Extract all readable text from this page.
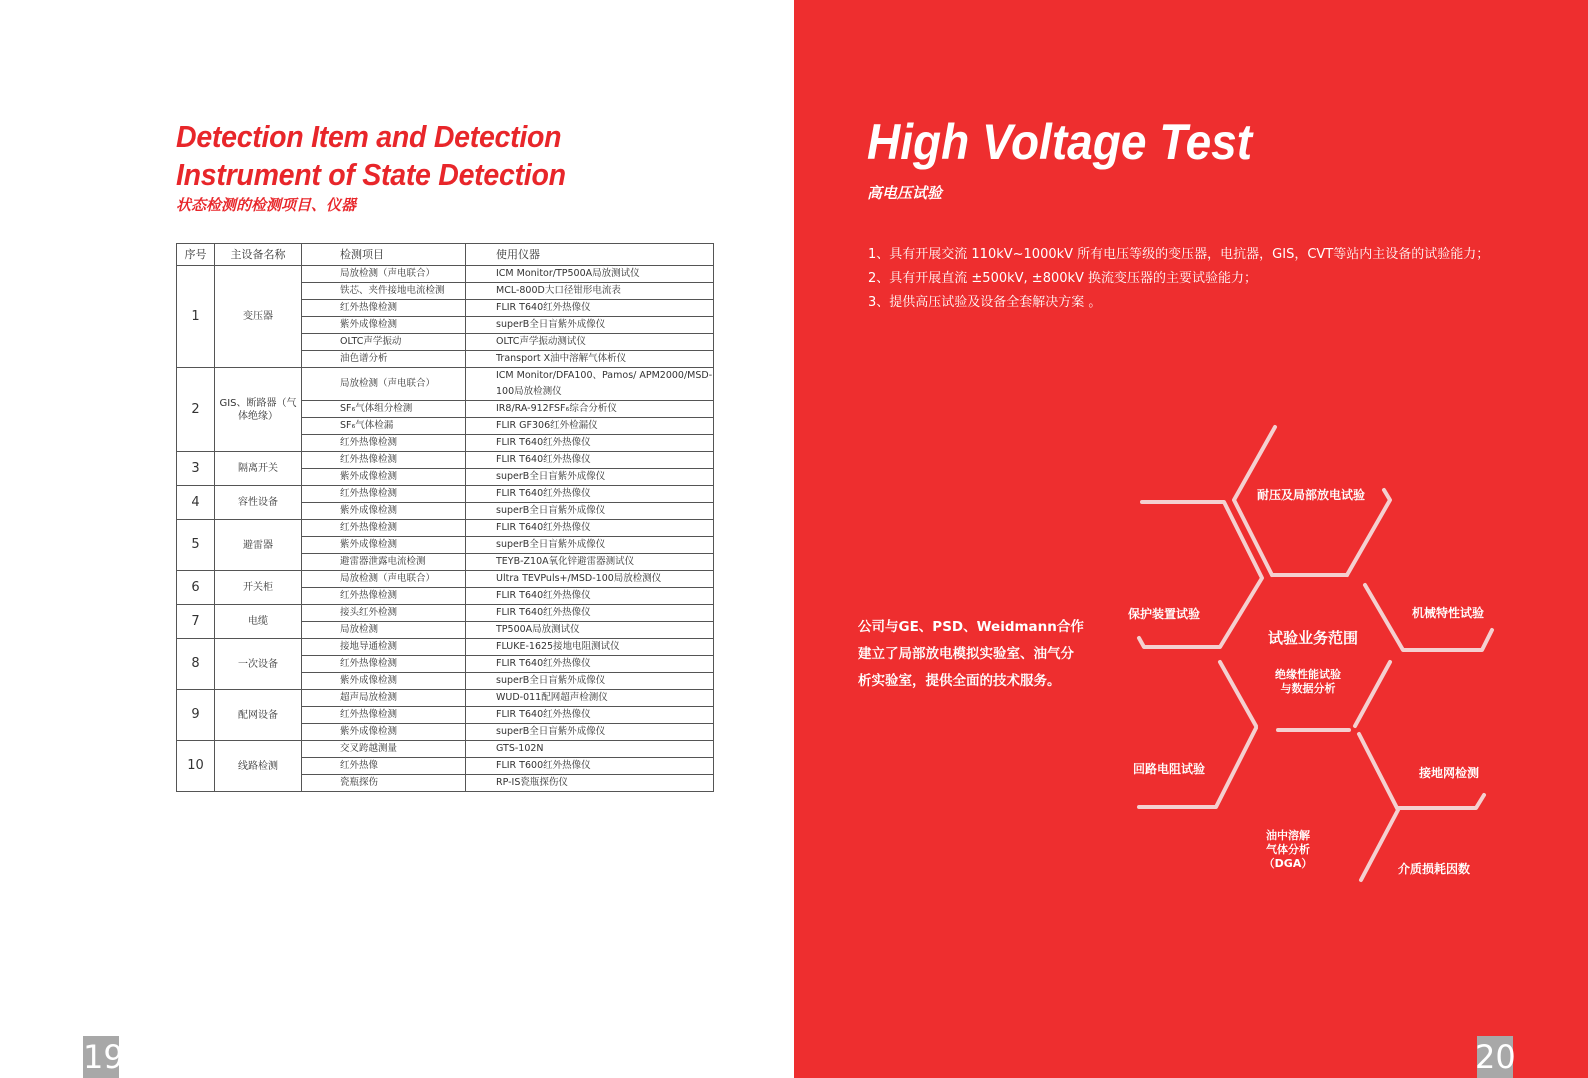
Detection Item and Detection
Instrument of State Detection
状态检测的检测项目、仪器
序号	主设备名称	检测项目	使用仪器
1	变压器	局放检测（声电联合）	ICM Monitor/TP500A局放测试仪
		铁芯、夹件接地电流检测	MCL-800D大口径钳形电流表
		红外热像检测	FLIR T640红外热像仪
		紫外成像检测	superB全日盲紫外成像仪
		OLTC声学振动	OLTC声学振动测试仪
		油色谱分析	Transport X油中溶解气体析仪
2	GIS、断路器（气体绝缘）	局放检测（声电联合）	ICM Monitor/DFA100、Pamos/ APM2000/MSD-100局放检测仪
		SF₆气体组分检测	IR8/RA-912FSF₆综合分析仪
		SF₆气体检漏	FLIR GF306红外检漏仪
		红外热像检测	FLIR T640红外热像仪
3	隔离开关	红外热像检测	FLIR T640红外热像仪
		紫外成像检测	superB全日盲紫外成像仪
4	容性设备	红外热像检测	FLIR T640红外热像仪
		紫外成像检测	superB全日盲紫外成像仪
5	避雷器	红外热像检测	FLIR T640红外热像仪
		紫外成像检测	superB全日盲紫外成像仪
		避雷器泄露电流检测	TEYB-Z10A氧化锌避雷器测试仪
6	开关柜	局放检测（声电联合）	Ultra TEVPuls+/MSD-100局放检测仪
		红外热像检测	FLIR T640红外热像仪
7	电缆	接头红外检测	FLIR T640红外热像仪
		局放检测	TP500A局放测试仪
8	一次设备	接地导通检测	FLUKE-1625接地电阻测试仪
		红外热像检测	FLIR T640红外热像仪
		紫外成像检测	superB全日盲紫外成像仪
9	配网设备	超声局放检测	WUD-011配网超声检测仪
		红外热像检测	FLIR T640红外热像仪
		紫外成像检测	superB全日盲紫外成像仪
10	线路检测	交叉跨越测量	GTS-102N
		红外热像	FLIR T600红外热像仪
		瓷瓶探伤	RP-IS瓷瓶探伤仪
19
High Voltage Test
高电压试验
1、具有开展交流 110kV~1000kV 所有电压等级的变压器，电抗器，GIS，CVT等站内主设备的试验能力；
2、具有开展直流 ±500kV, ±800kV 换流变压器的主要试验能力；
3、提供高压试验及设备全套解决方案 。
公司与GE、PSD、Weidmann合作
建立了局部放电模拟实验室、油气分
析实验室，提供全面的技术服务。
耐压及局部放电试验
保护装置试验	机械特性试验
试验业务范围
绝缘性能试验
与数据分析
回路电阻试验	接地网检测
油中溶解
气体分析
（DGA）	介质损耗因数
20
